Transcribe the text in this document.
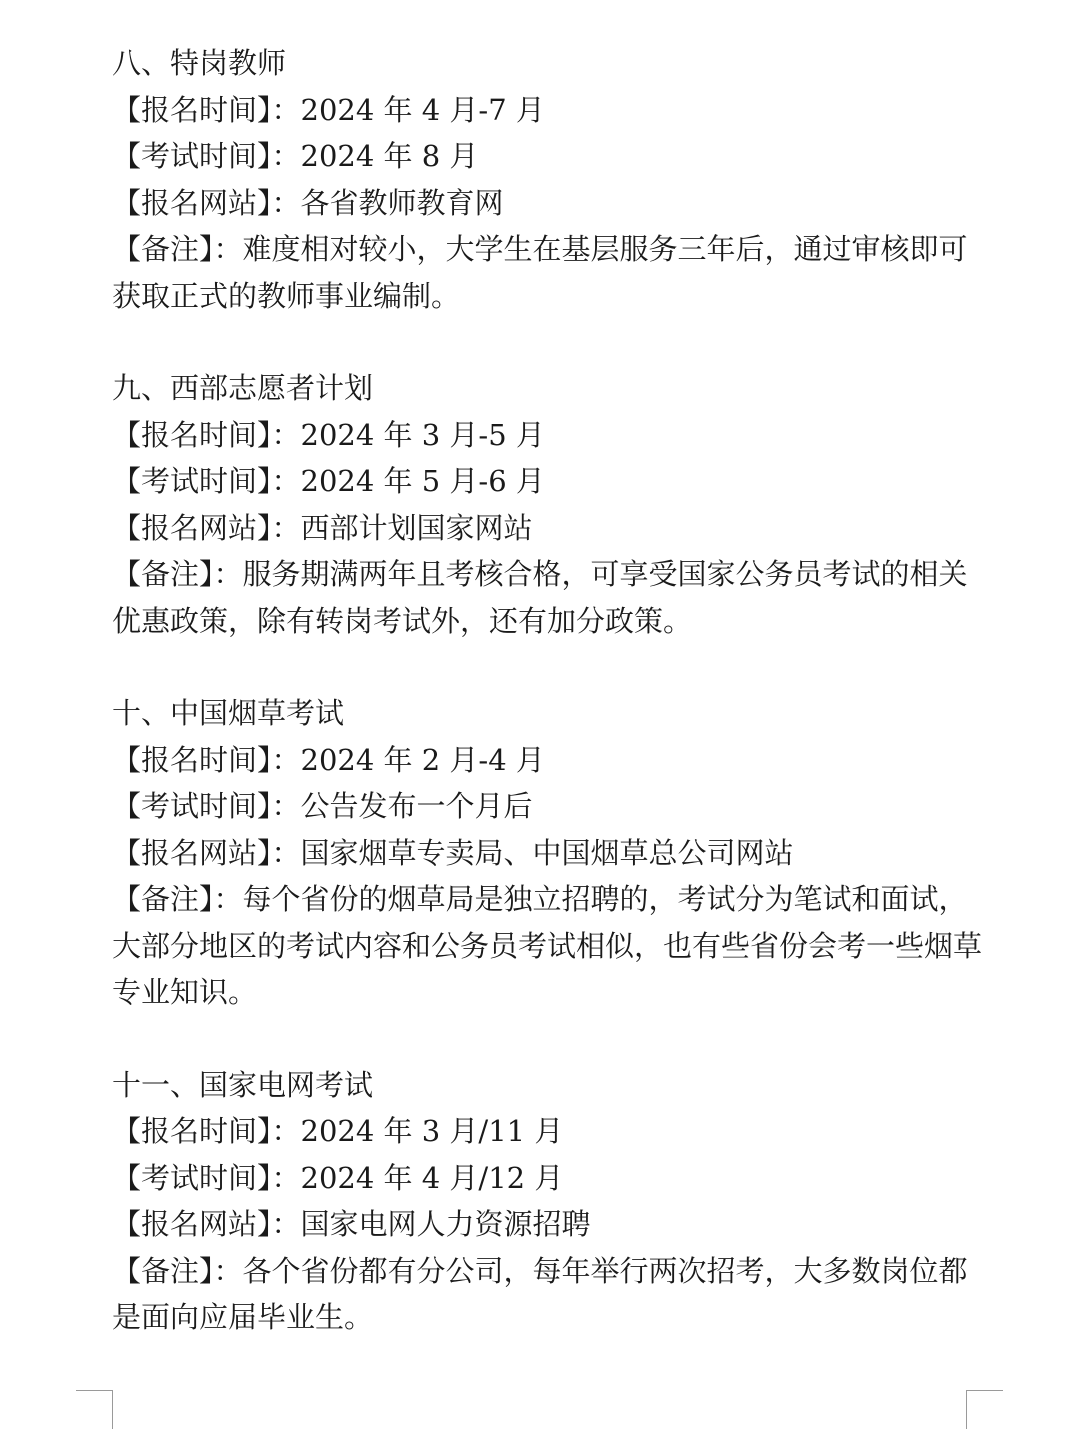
八、特岗教师
【报名时间】：2024 年 4 月-7 月
【考试时间】：2024 年 8 月
【报名网站】：各省教师教育网
【备注】：难度相对较小，大学生在基层服务三年后，通过审核即可
获取正式的教师事业编制。
九、西部志愿者计划
【报名时间】：2024 年 3 月-5 月
【考试时间】：2024 年 5 月-6 月
【报名网站】：西部计划国家网站
【备注】：服务期满两年且考核合格，可享受国家公务员考试的相关
优惠政策，除有转岗考试外，还有加分政策。
十、中国烟草考试
【报名时间】：2024 年 2 月-4 月
【考试时间】：公告发布一个月后
【报名网站】：国家烟草专卖局、中国烟草总公司网站
【备注】：每个省份的烟草局是独立招聘的，考试分为笔试和面试，
大部分地区的考试内容和公务员考试相似，也有些省份会考一些烟草
专业知识。
十一、国家电网考试
【报名时间】：2024 年 3 月/11 月
【考试时间】：2024 年 4 月/12 月
【报名网站】：国家电网人力资源招聘
【备注】：各个省份都有分公司，每年举行两次招考，大多数岗位都
是面向应届毕业生。
